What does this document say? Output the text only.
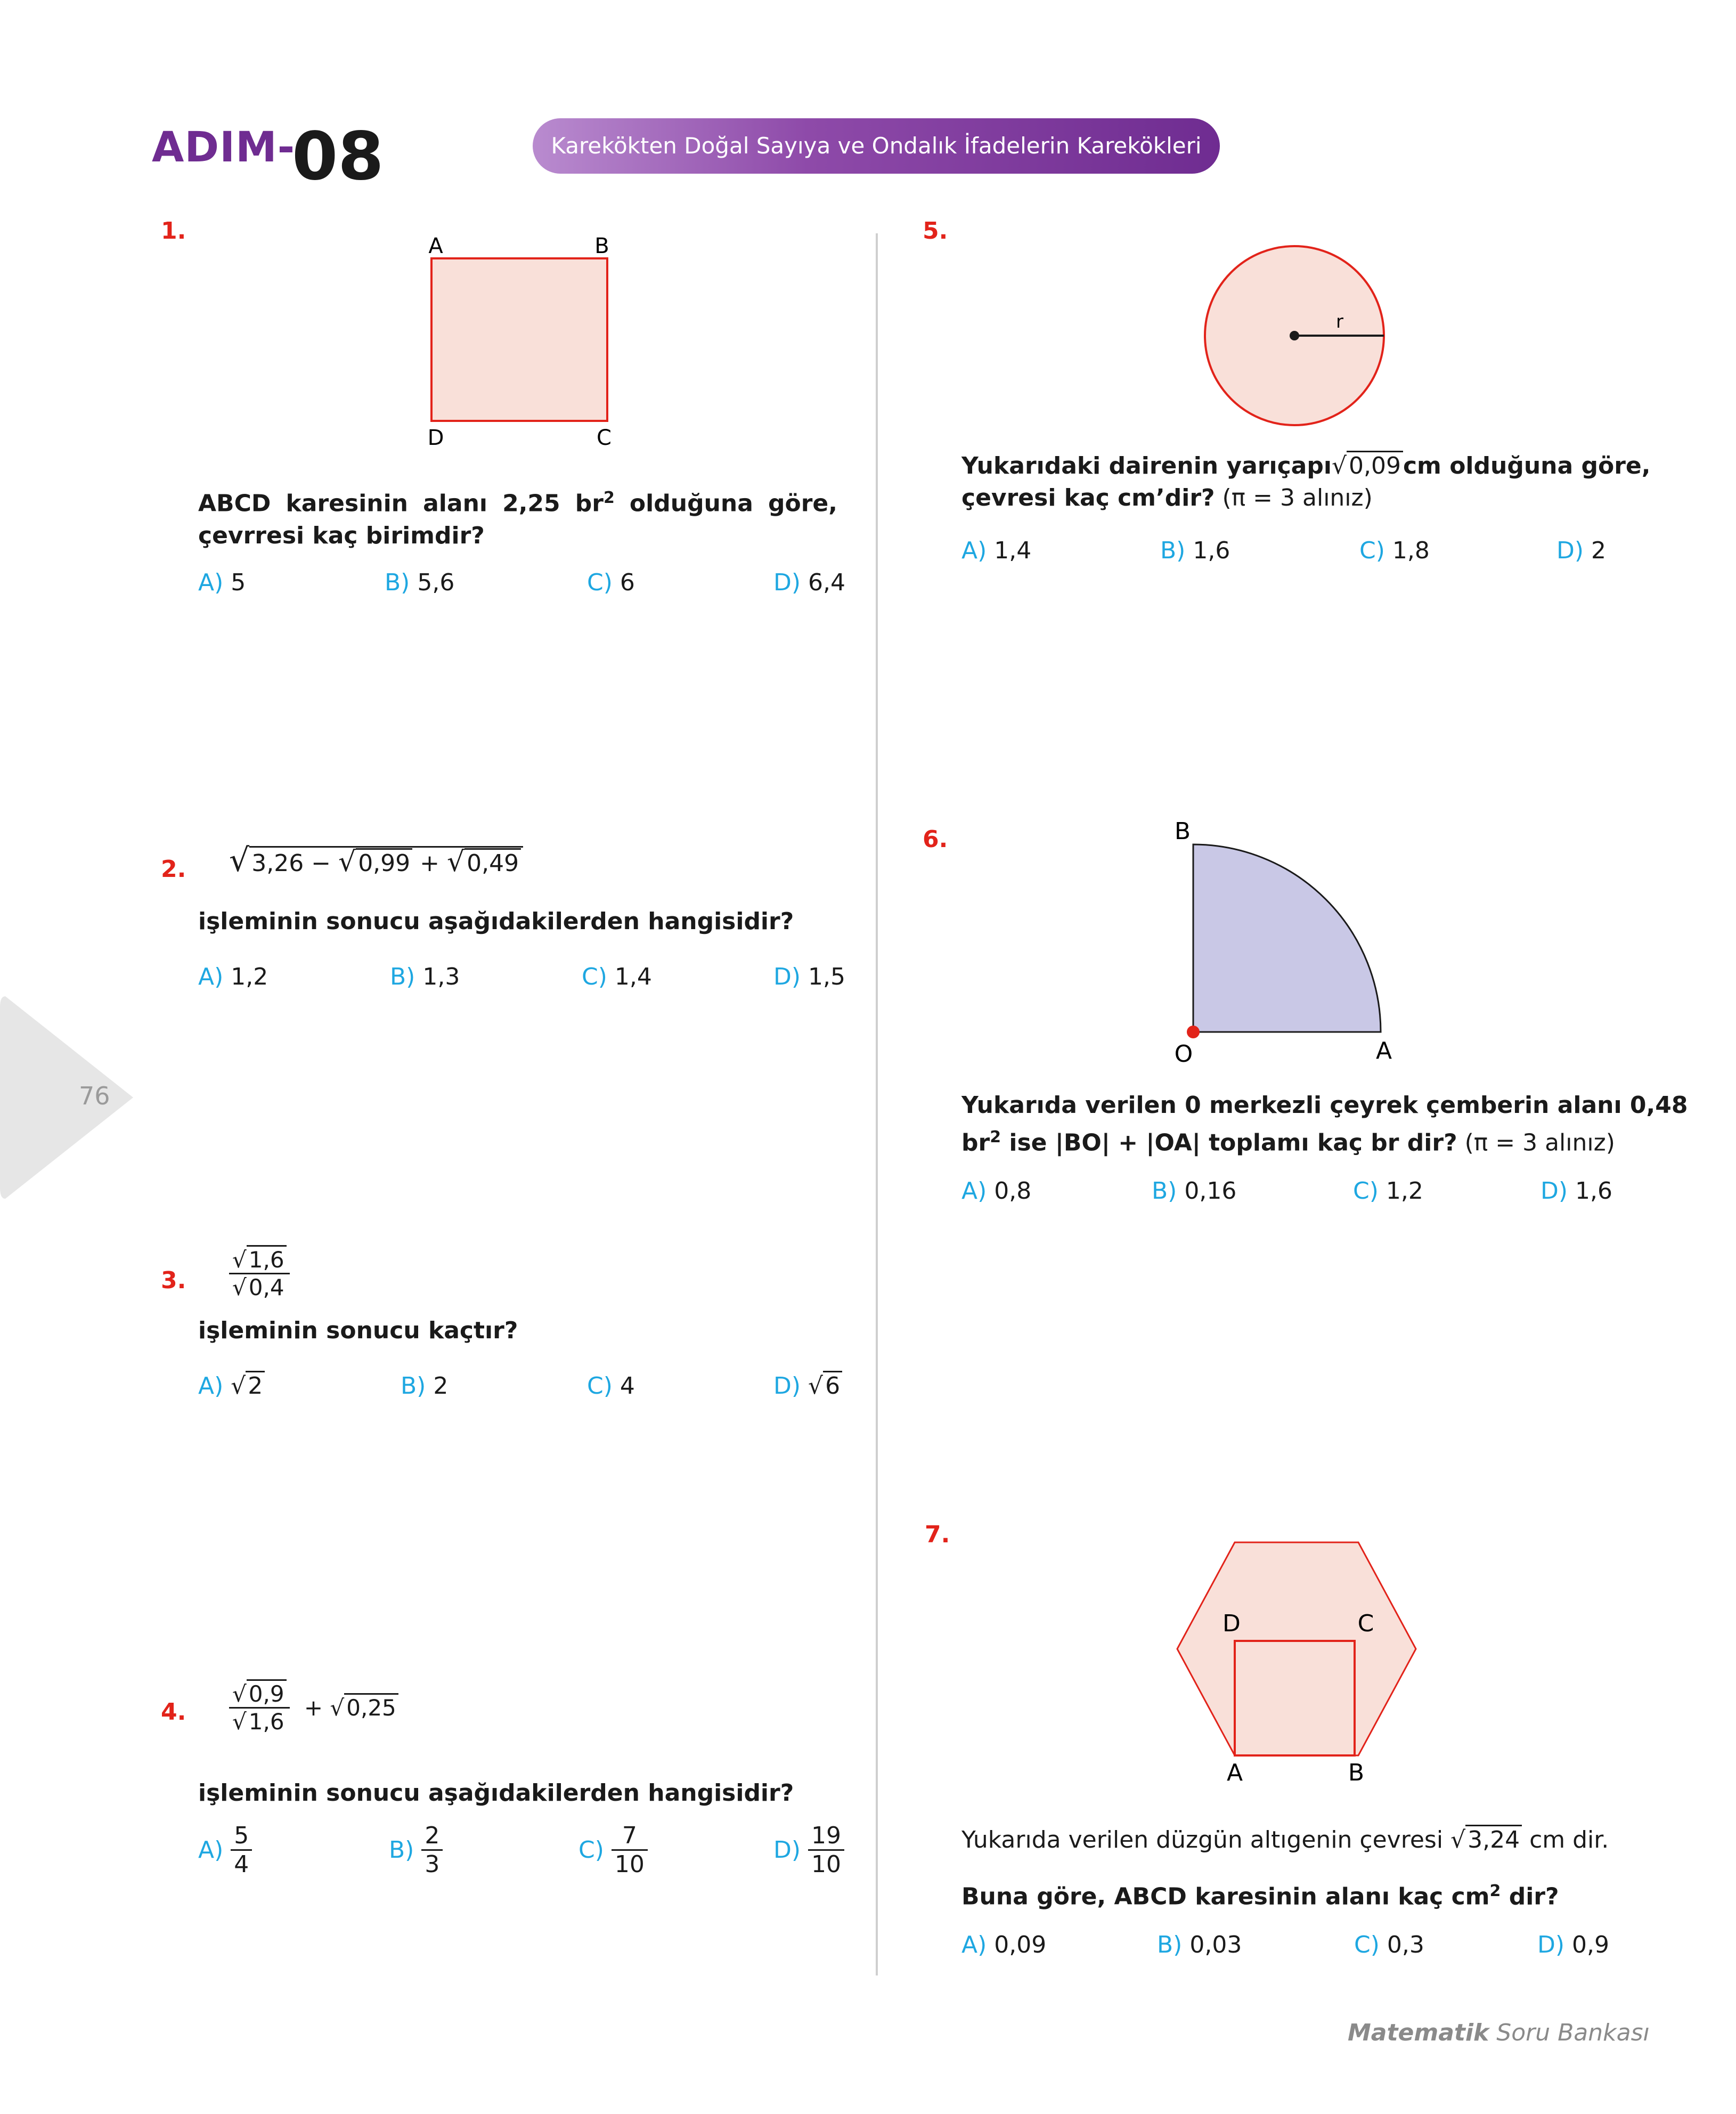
ADIM-
08	Karekökten Doğal Sayıya ve Ondalık İfadelerin Karekökleri
76
1.
A	B
D	C
ABCD karesinin alanı 2,25 $br^2$ olduğuna göre, çevrresi kaç birimdir?
A) 5	B) 5,6	C) 6	D) 6,4
2. √3,26 − √0,99 + √0,49
işleminin sonucu aşağıdakilerden hangisidir?
A) 1,2	B) 1,3	C) 1,4	D) 1,5
3. $\frac{√1,6}{√0,4}$
işleminin sonucu kaçtır?
A) √2	B) 2	C) 4	D) √6
4. $\frac{√0,9}{√1,6} + √0,25$
işleminin sonucu aşağıdakilerden hangisidir?
$A) \frac{5}{4}$	$B) \frac{2}{3}$	$C) \frac{7}{10}$	$D) \frac{19}{10}$
5.
r
Yukarıdaki dairenin yarıçapı √0,09 cm olduğuna göre,
çevresi kaç cm’dir? (π = 3 alınız)
A) 1,4	B) 1,6	C) 1,8	D) 2
6.	B
O	A
Yukarıda verilen 0 merkezli çeyrek çemberin alanı 0,48
$br^2$ ise |BO| + |OA| toplamı kaç br dir? (π = 3 alınız)
A) 0,8	B) 0,16	C) 1,2	D) 1,6
7.
D	C
A	B
Yukarıda verilen düzgün altıgenin çevresi √3,24 cm dir.
Buna göre, ABCD karesinin alanı kaç $cm^2$ dir?
A) 0,09	B) 0,03	C) 0,3	D) 0,9
Matematik Soru Bankası
